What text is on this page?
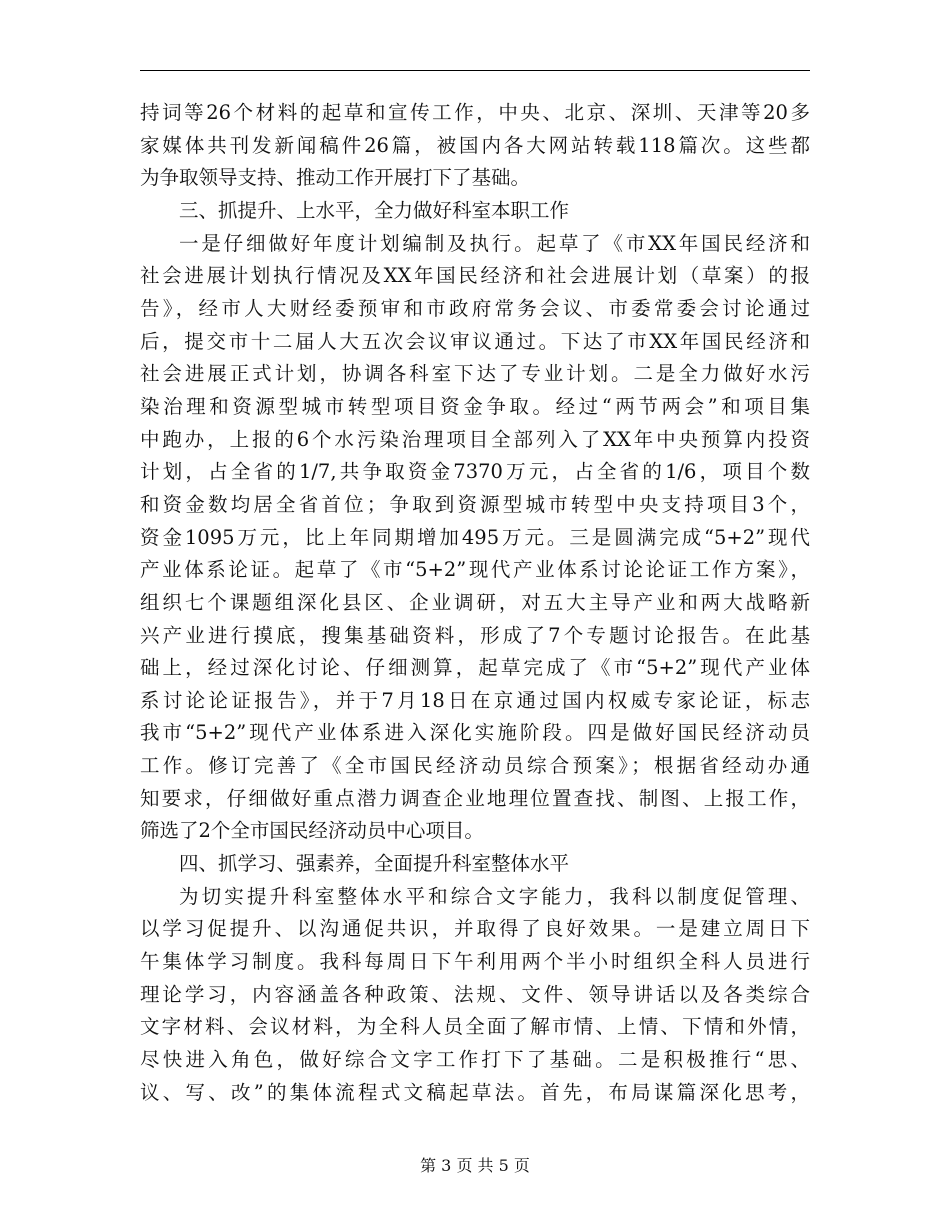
持词等26个材料的起草和宣传工作，中央、北京、深圳、天津等20多
家媒体共刊发新闻稿件26篇，被国内各大网站转载118篇次。这些都
为争取领导支持、推动工作开展打下了基础。
三、抓提升、上水平，全力做好科室本职工作
一是仔细做好年度计划编制及执行。起草了《市XX年国民经济和
社会进展计划执行情况及XX年国民经济和社会进展计划（草案）的报
告》，经市人大财经委预审和市政府常务会议、市委常委会讨论通过
后，提交市十二届人大五次会议审议通过。下达了市XX年国民经济和
社会进展正式计划，协调各科室下达了专业计划。二是全力做好水污
染治理和资源型城市转型项目资金争取。经过“两节两会”和项目集
中跑办，上报的6个水污染治理项目全部列入了XX年中央预算内投资
计划，占全省的1/7,共争取资金7370万元，占全省的1/6，项目个数
和资金数均居全省首位；争取到资源型城市转型中央支持项目3个，
资金1095万元，比上年同期增加495万元。三是圆满完成“5+2”现代
产业体系论证。起草了《市“5+2”现代产业体系讨论论证工作方案》，
组织七个课题组深化县区、企业调研，对五大主导产业和两大战略新
兴产业进行摸底，搜集基础资料，形成了7个专题讨论报告。在此基
础上，经过深化讨论、仔细测算，起草完成了《市“5+2”现代产业体
系讨论论证报告》，并于7月18日在京通过国内权威专家论证，标志
我市“5+2”现代产业体系进入深化实施阶段。四是做好国民经济动员
工作。修订完善了《全市国民经济动员综合预案》；根据省经动办通
知要求，仔细做好重点潜力调查企业地理位置查找、制图、上报工作，
筛选了2个全市国民经济动员中心项目。
四、抓学习、强素养，全面提升科室整体水平
为切实提升科室整体水平和综合文字能力，我科以制度促管理、
以学习促提升、以沟通促共识，并取得了良好效果。一是建立周日下
午集体学习制度。我科每周日下午利用两个半小时组织全科人员进行
理论学习，内容涵盖各种政策、法规、文件、领导讲话以及各类综合
文字材料、会议材料，为全科人员全面了解市情、上情、下情和外情，
尽快进入角色，做好综合文字工作打下了基础。二是积极推行“思、
议、写、改”的集体流程式文稿起草法。首先，布局谋篇深化思考，
第 3 页 共 5 页
